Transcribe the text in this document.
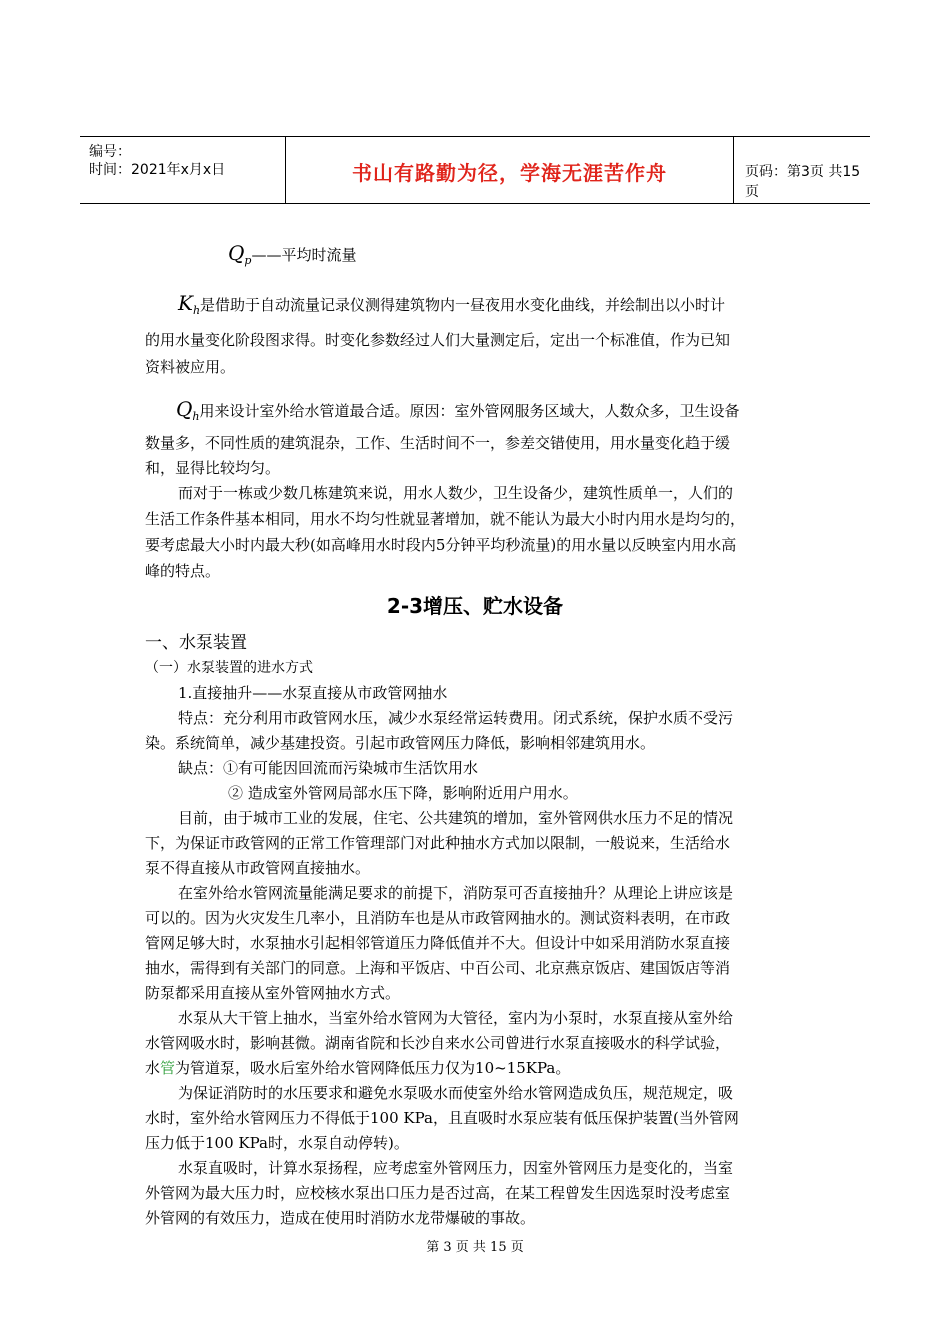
编号：
时间：2021年x月x日	书山有路勤为径，学海无涯苦作舟	页码：第3页 共15页
$Q_p——$平均时流量
$K_h$是借助于自动流量记录仪测得建筑物内一昼夜用水变化曲线，并绘制出以小时计
的用水量变化阶段图求得。时变化参数经过人们大量测定后，定出一个标准值，作为已知
资料被应用。
$Q_h$用来设计室外给水管道最合适。原因：室外管网服务区域大，人数众多，卫生设备
数量多，不同性质的建筑混杂，工作、生活时间不一，参差交错使用，用水量变化趋于缓
和，显得比较均匀。
而对于一栋或少数几栋建筑来说，用水人数少，卫生设备少，建筑性质单一，人们的
生活工作条件基本相同，用水不均匀性就显著增加，就不能认为最大小时内用水是均匀的，
要考虑最大小时内最大秒(如高峰用水时段内5分钟平均秒流量)的用水量以反映室内用水高
峰的特点。
2-3增压、贮水设备
一、水泵装置
（一）水泵装置的进水方式
1.直接抽升——水泵直接从市政管网抽水
特点：充分利用市政管网水压，减少水泵经常运转费用。闭式系统，保护水质不受污
染。系统简单，减少基建投资。引起市政管网压力降低，影响相邻建筑用水。
缺点：①有可能因回流而污染城市生活饮用水
② 造成室外管网局部水压下降，影响附近用户用水。
目前，由于城市工业的发展，住宅、公共建筑的增加，室外管网供水压力不足的情况
下，为保证市政管网的正常工作管理部门对此种抽水方式加以限制，一般说来，生活给水
泵不得直接从市政管网直接抽水。
在室外给水管网流量能满足要求的前提下，消防泵可否直接抽升？从理论上讲应该是
可以的。因为火灾发生几率小，且消防车也是从市政管网抽水的。测试资料表明，在市政
管网足够大时，水泵抽水引起相邻管道压力降低值并不大。但设计中如采用消防水泵直接
抽水，需得到有关部门的同意。上海和平饭店、中百公司、北京燕京饭店、建国饭店等消
防泵都采用直接从室外管网抽水方式。
水泵从大干管上抽水，当室外给水管网为大管径，室内为小泵时，水泵直接从室外给
水管网吸水时，影响甚微。湖南省院和长沙自来水公司曾进行水泵直接吸水的科学试验，
水管为管道泵，吸水后室外给水管网降低压力仅为10~15KPa。
为保证消防时的水压要求和避免水泵吸水而使室外给水管网造成负压，规范规定，吸
水时，室外给水管网压力不得低于100 KPa，且直吸时水泵应装有低压保护装置(当外管网
压力低于100 KPa时，水泵自动停转)。
水泵直吸时，计算水泵扬程，应考虑室外管网压力，因室外管网压力是变化的，当室
外管网为最大压力时，应校核水泵出口压力是否过高，在某工程曾发生因选泵时没考虑室
外管网的有效压力，造成在使用时消防水龙带爆破的事故。
第 3 页 共 15 页
